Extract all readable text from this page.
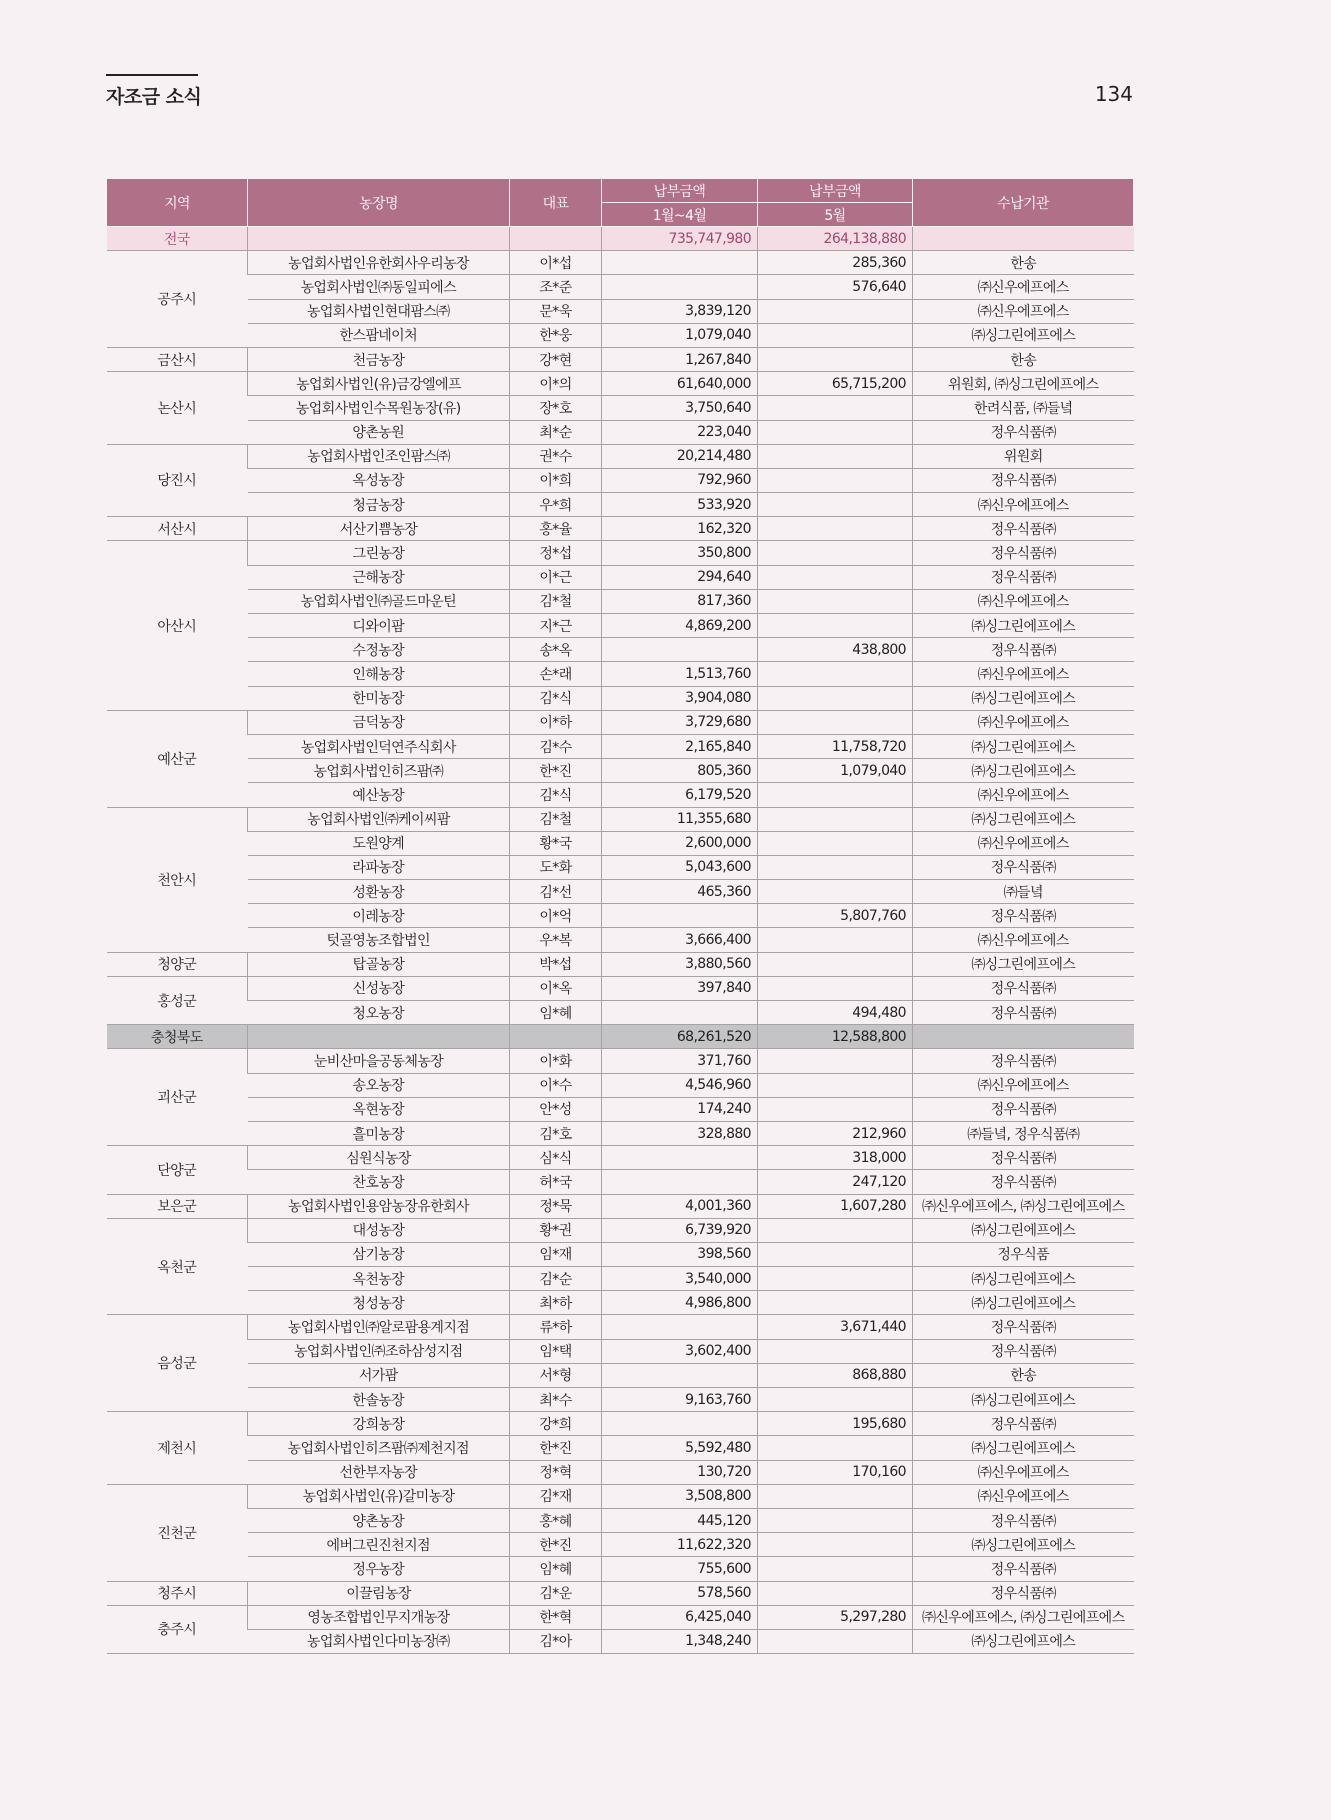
자조금 소식	134
지역	농장명	대표	납부금액	납부금액	수납기관
			1월~4월	5월	
전국			735,747,980	264,138,880	
공주시	농업회사법인유한회사우리농장	이*섭		285,360	한송
	농업회사법인㈜동일피에스	조*준		576,640	㈜신우에프에스
	농업회사법인현대팜스㈜	문*욱	3,839,120		㈜신우에프에스
	한스팜네이처	한*웅	1,079,040		㈜싱그린에프에스
금산시	천금농장	강*현	1,267,840		한송
논산시	농업회사법인(유)금강엘에프	이*의	61,640,000	65,715,200	위원회, ㈜싱그린에프에스
	농업회사법인수목원농장(유)	장*호	3,750,640		한려식품, ㈜들녘
	양촌농원	최*순	223,040		정우식품㈜
당진시	농업회사법인조인팜스㈜	권*수	20,214,480		위원회
	옥성농장	이*희	792,960		정우식품㈜
	청금농장	우*희	533,920		㈜신우에프에스
서산시	서산기쁨농장	홍*율	162,320		정우식품㈜
아산시	그린농장	정*섭	350,800		정우식품㈜
	근해농장	이*근	294,640		정우식품㈜
	농업회사법인㈜골드마운틴	김*철	817,360		㈜신우에프에스
	디와이팜	지*근	4,869,200		㈜싱그린에프에스
	수정농장	송*옥		438,800	정우식품㈜
	인해농장	손*래	1,513,760		㈜신우에프에스
	한미농장	김*식	3,904,080		㈜싱그린에프에스
예산군	금덕농장	이*하	3,729,680		㈜신우에프에스
	농업회사법인덕연주식회사	김*수	2,165,840	11,758,720	㈜싱그린에프에스
	농업회사법인히즈팜㈜	한*진	805,360	1,079,040	㈜싱그린에프에스
	예산농장	김*식	6,179,520		㈜신우에프에스
천안시	농업회사법인㈜케이씨팜	김*철	11,355,680		㈜싱그린에프에스
	도원양계	황*국	2,600,000		㈜신우에프에스
	라파농장	도*화	5,043,600		정우식품㈜
	성환농장	김*선	465,360		㈜들녘
	이레농장	이*억		5,807,760	정우식품㈜
	텃골영농조합법인	우*복	3,666,400		㈜신우에프에스
청양군	탑골농장	박*섭	3,880,560		㈜싱그린에프에스
홍성군	신성농장	이*옥	397,840		정우식품㈜
	청오농장	임*혜		494,480	정우식품㈜
충청북도			68,261,520	12,588,800	
괴산군	눈비산마을공동체농장	이*화	371,760		정우식품㈜
	송오농장	이*수	4,546,960		㈜신우에프에스
	옥현농장	안*성	174,240		정우식품㈜
	흘미농장	김*호	328,880	212,960	㈜들녘, 정우식품㈜
단양군	심원식농장	심*식		318,000	정우식품㈜
	찬호농장	허*국		247,120	정우식품㈜
보은군	농업회사법인용암농장유한회사	정*묵	4,001,360	1,607,280	㈜신우에프에스, ㈜싱그린에프에스
옥천군	대성농장	황*권	6,739,920		㈜싱그린에프에스
	삼기농장	임*재	398,560		정우식품
	옥천농장	김*순	3,540,000		㈜싱그린에프에스
	청성농장	최*하	4,986,800		㈜싱그린에프에스
음성군	농업회사법인㈜알로팜용계지점	류*하		3,671,440	정우식품㈜
	농업회사법인㈜조하삼성지점	임*택	3,602,400		정우식품㈜
	서가팜	서*형		868,880	한송
	한솔농장	최*수	9,163,760		㈜싱그린에프에스
제천시	강희농장	강*희		195,680	정우식품㈜
	농업회사법인히즈팜㈜제천지점	한*진	5,592,480		㈜싱그린에프에스
	선한부자농장	정*혁	130,720	170,160	㈜신우에프에스
진천군	농업회사법인(유)갈미농장	김*재	3,508,800		㈜신우에프에스
	양촌농장	홍*혜	445,120		정우식품㈜
	에버그린진천지점	한*진	11,622,320		㈜싱그린에프에스
	정우농장	임*혜	755,600		정우식품㈜
청주시	이끌림농장	김*운	578,560		정우식품㈜
충주시	영농조합법인무지개농장	한*혁	6,425,040	5,297,280	㈜신우에프에스, ㈜싱그린에프에스
	농업회사법인다미농장㈜	김*아	1,348,240		㈜싱그린에프에스
